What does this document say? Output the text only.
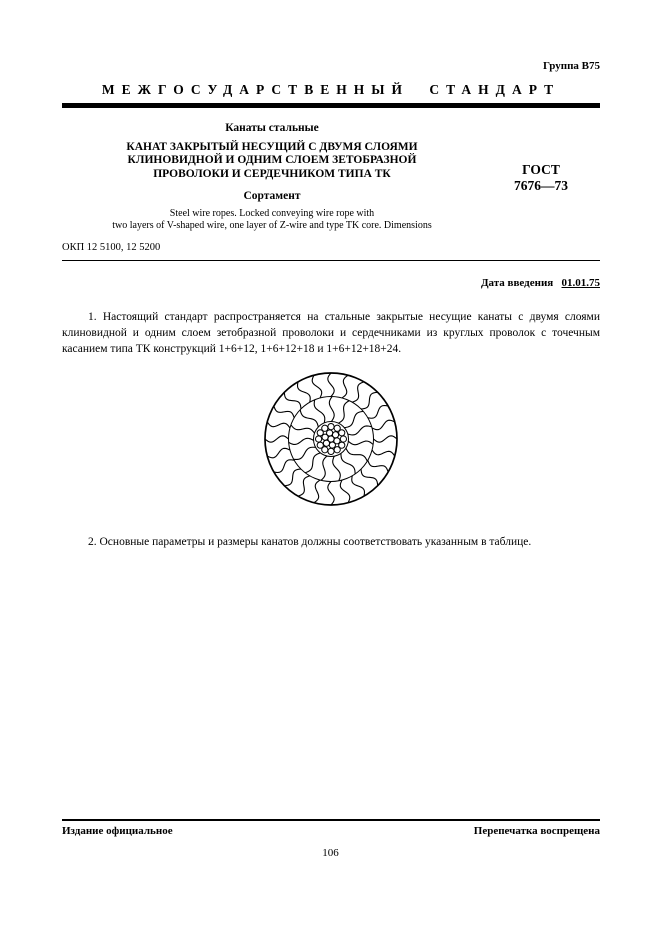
Группа В75
МЕЖГОСУДАРСТВЕННЫЙ СТАНДАРТ
Канаты стальные
КАНАТ ЗАКРЫТЫЙ НЕСУЩИЙ С ДВУМЯ СЛОЯМИ
КЛИНОВИДНОЙ И ОДНИМ СЛОЕМ ЗЕТОБРАЗНОЙ
ПРОВОЛОКИ И СЕРДЕЧНИКОМ ТИПА ТК
Сортамент
Steel wire ropes. Locked conveying wire rope with
two layers of V-shaped wire, one layer of Z-wire and type TK core. Dimensions
ГОСТ
7676—73
ОКП 12 5100, 12 5200
Дата введения 01.01.75
1. Настоящий стандарт распространяется на стальные закрытые несущие канаты с двумя слоями клиновидной и одним слоем зетобразной проволоки и сердечниками из круглых проволок с точечным касанием типа ТК конструкций 1+6+12, 1+6+12+18 и 1+6+12+18+24.
2. Основные параметры и размеры канатов должны соответствовать указанным в таблице.
Издание официальное	Перепечатка воспрещена
106
